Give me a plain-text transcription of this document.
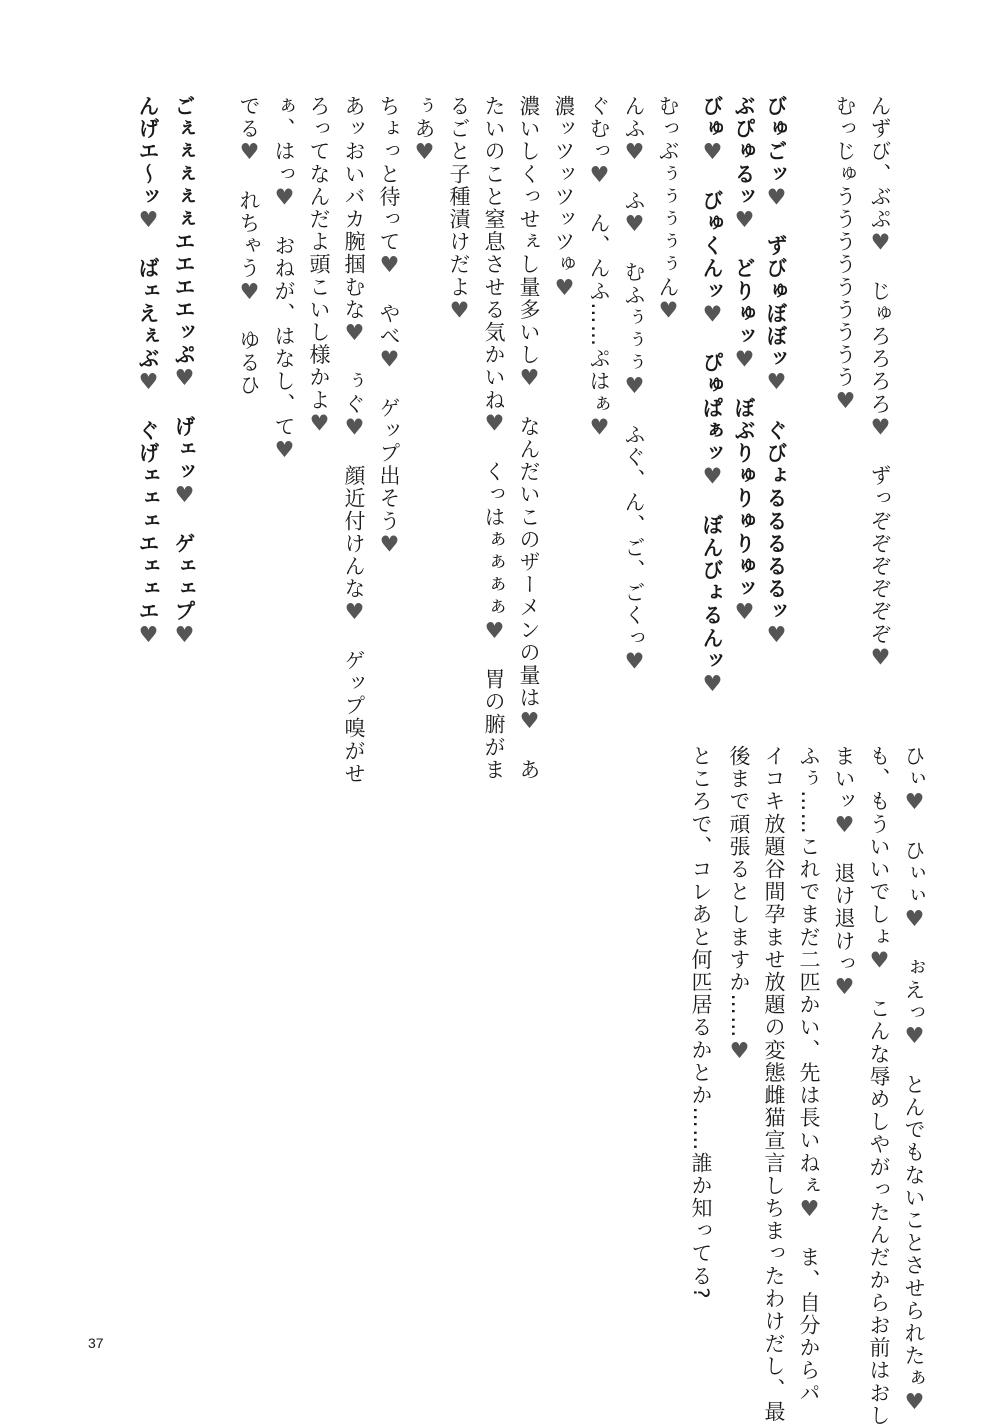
んずび、ぶぷ♥　じゅろろろろ♥　ずっぞぞぞぞぞぞ♥
むっじゅううううううううう♥
びゅごッ♥　ずびゅぼぼッ♥　ぐびょるるるるるッ♥
ぶぴゅるッ♥　どりゅッ♥　ぼぶりゅりゅりゅッ♥
びゅ♥　びゅくんッ♥　ぴゅぱぁッ♥　ぼんびょるんッ♥
むっぶぅぅぅぅぅん♥
んふ♥　ふ♥　むふぅぅぅ♥　ふぐ、ん、ご、ごくっ♥
ぐむっ♥　ん、んふ……ぷはぁ♥
濃ッツッツッツゅ♥
濃いしくっせぇし量多いし♥　なんだいこのザーメンの量は♥　あ
たいのこと窒息させる気かいね♥　くっはぁぁぁぁ♥　胃の腑がま
るごと子種漬けだよ♥
ぅあ♥
ちょっと待って♥　やべ♥　ゲップ出そう♥
あッおいバカ腕掴むな♥　ぅぐ♥　顔近付けんな♥　ゲップ嗅がせ
ろってなんだよ頭こいし様かよ♥
ぁ、はっ♥　おねが、はなし、て♥
でる♥　れちゃう♥　ゆるひ
ごぇぇぇぇぇエエエエッぷ♥　げェッ♥　ゲェェプ♥
んげエ～ッ♥　ばェえぇぶ♥　ぐげェェェエェェエ♥
ひぃ♥　ひぃぃ♥　ぉえっ♥　とんでもないことさせられたぁ♥
も、もういいでしょ♥　こんな辱めしやがったんだからお前はおし
まいッ♥　退け退けっ♥
ふぅ……これでまだ二匹かい、先は長いねぇ♥　ま、自分からパ
イコキ放題谷間孕ませ放題の変態雌猫宣言しちまったわけだし、最
後まで頑張るとしますか……♥
ところで、コレあと何匹居るかとか……誰か知ってる?
37
